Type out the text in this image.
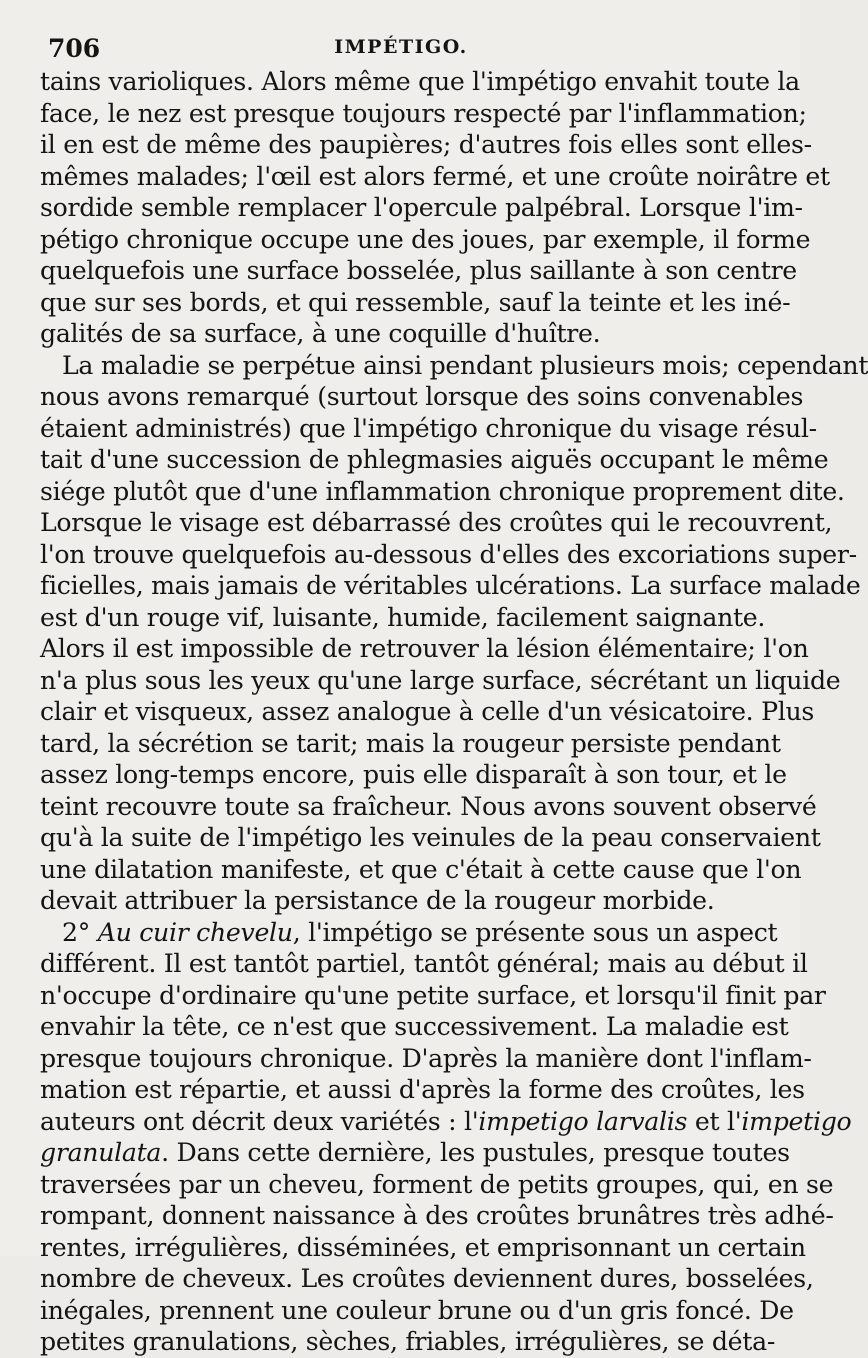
706	IMPÉTIGO.
tains varioliques. Alors même que l'impétigo envahit toute la
face, le nez est presque toujours respecté par l'inflammation;
il en est de même des paupières; d'autres fois elles sont elles-
mêmes malades; l'œil est alors fermé, et une croûte noirâtre et
sordide semble remplacer l'opercule palpébral. Lorsque l'im-
pétigo chronique occupe une des joues, par exemple, il forme
quelquefois une surface bosselée, plus saillante à son centre
que sur ses bords, et qui ressemble, sauf la teinte et les iné-
galités de sa surface, à une coquille d'huître.
La maladie se perpétue ainsi pendant plusieurs mois; cependant
nous avons remarqué (surtout lorsque des soins convenables
étaient administrés) que l'impétigo chronique du visage résul-
tait d'une succession de phlegmasies aiguës occupant le même
siége plutôt que d'une inflammation chronique proprement dite.
Lorsque le visage est débarrassé des croûtes qui le recouvrent,
l'on trouve quelquefois au-dessous d'elles des excoriations super-
ficielles, mais jamais de véritables ulcérations. La surface malade
est d'un rouge vif, luisante, humide, facilement saignante.
Alors il est impossible de retrouver la lésion élémentaire; l'on
n'a plus sous les yeux qu'une large surface, sécrétant un liquide
clair et visqueux, assez analogue à celle d'un vésicatoire. Plus
tard, la sécrétion se tarit; mais la rougeur persiste pendant
assez long-temps encore, puis elle disparaît à son tour, et le
teint recouvre toute sa fraîcheur. Nous avons souvent observé
qu'à la suite de l'impétigo les veinules de la peau conservaient
une dilatation manifeste, et que c'était à cette cause que l'on
devait attribuer la persistance de la rougeur morbide.
2° Au cuir chevelu, l'impétigo se présente sous un aspect
différent. Il est tantôt partiel, tantôt général; mais au début il
n'occupe d'ordinaire qu'une petite surface, et lorsqu'il finit par
envahir la tête, ce n'est que successivement. La maladie est
presque toujours chronique. D'après la manière dont l'inflam-
mation est répartie, et aussi d'après la forme des croûtes, les
auteurs ont décrit deux variétés : l'impetigo larvalis et l'impetigo
granulata. Dans cette dernière, les pustules, presque toutes
traversées par un cheveu, forment de petits groupes, qui, en se
rompant, donnent naissance à des croûtes brunâtres très adhé-
rentes, irrégulières, disséminées, et emprisonnant un certain
nombre de cheveux. Les croûtes deviennent dures, bosselées,
inégales, prennent une couleur brune ou d'un gris foncé. De
petites granulations, sèches, friables, irrégulières, se déta-
